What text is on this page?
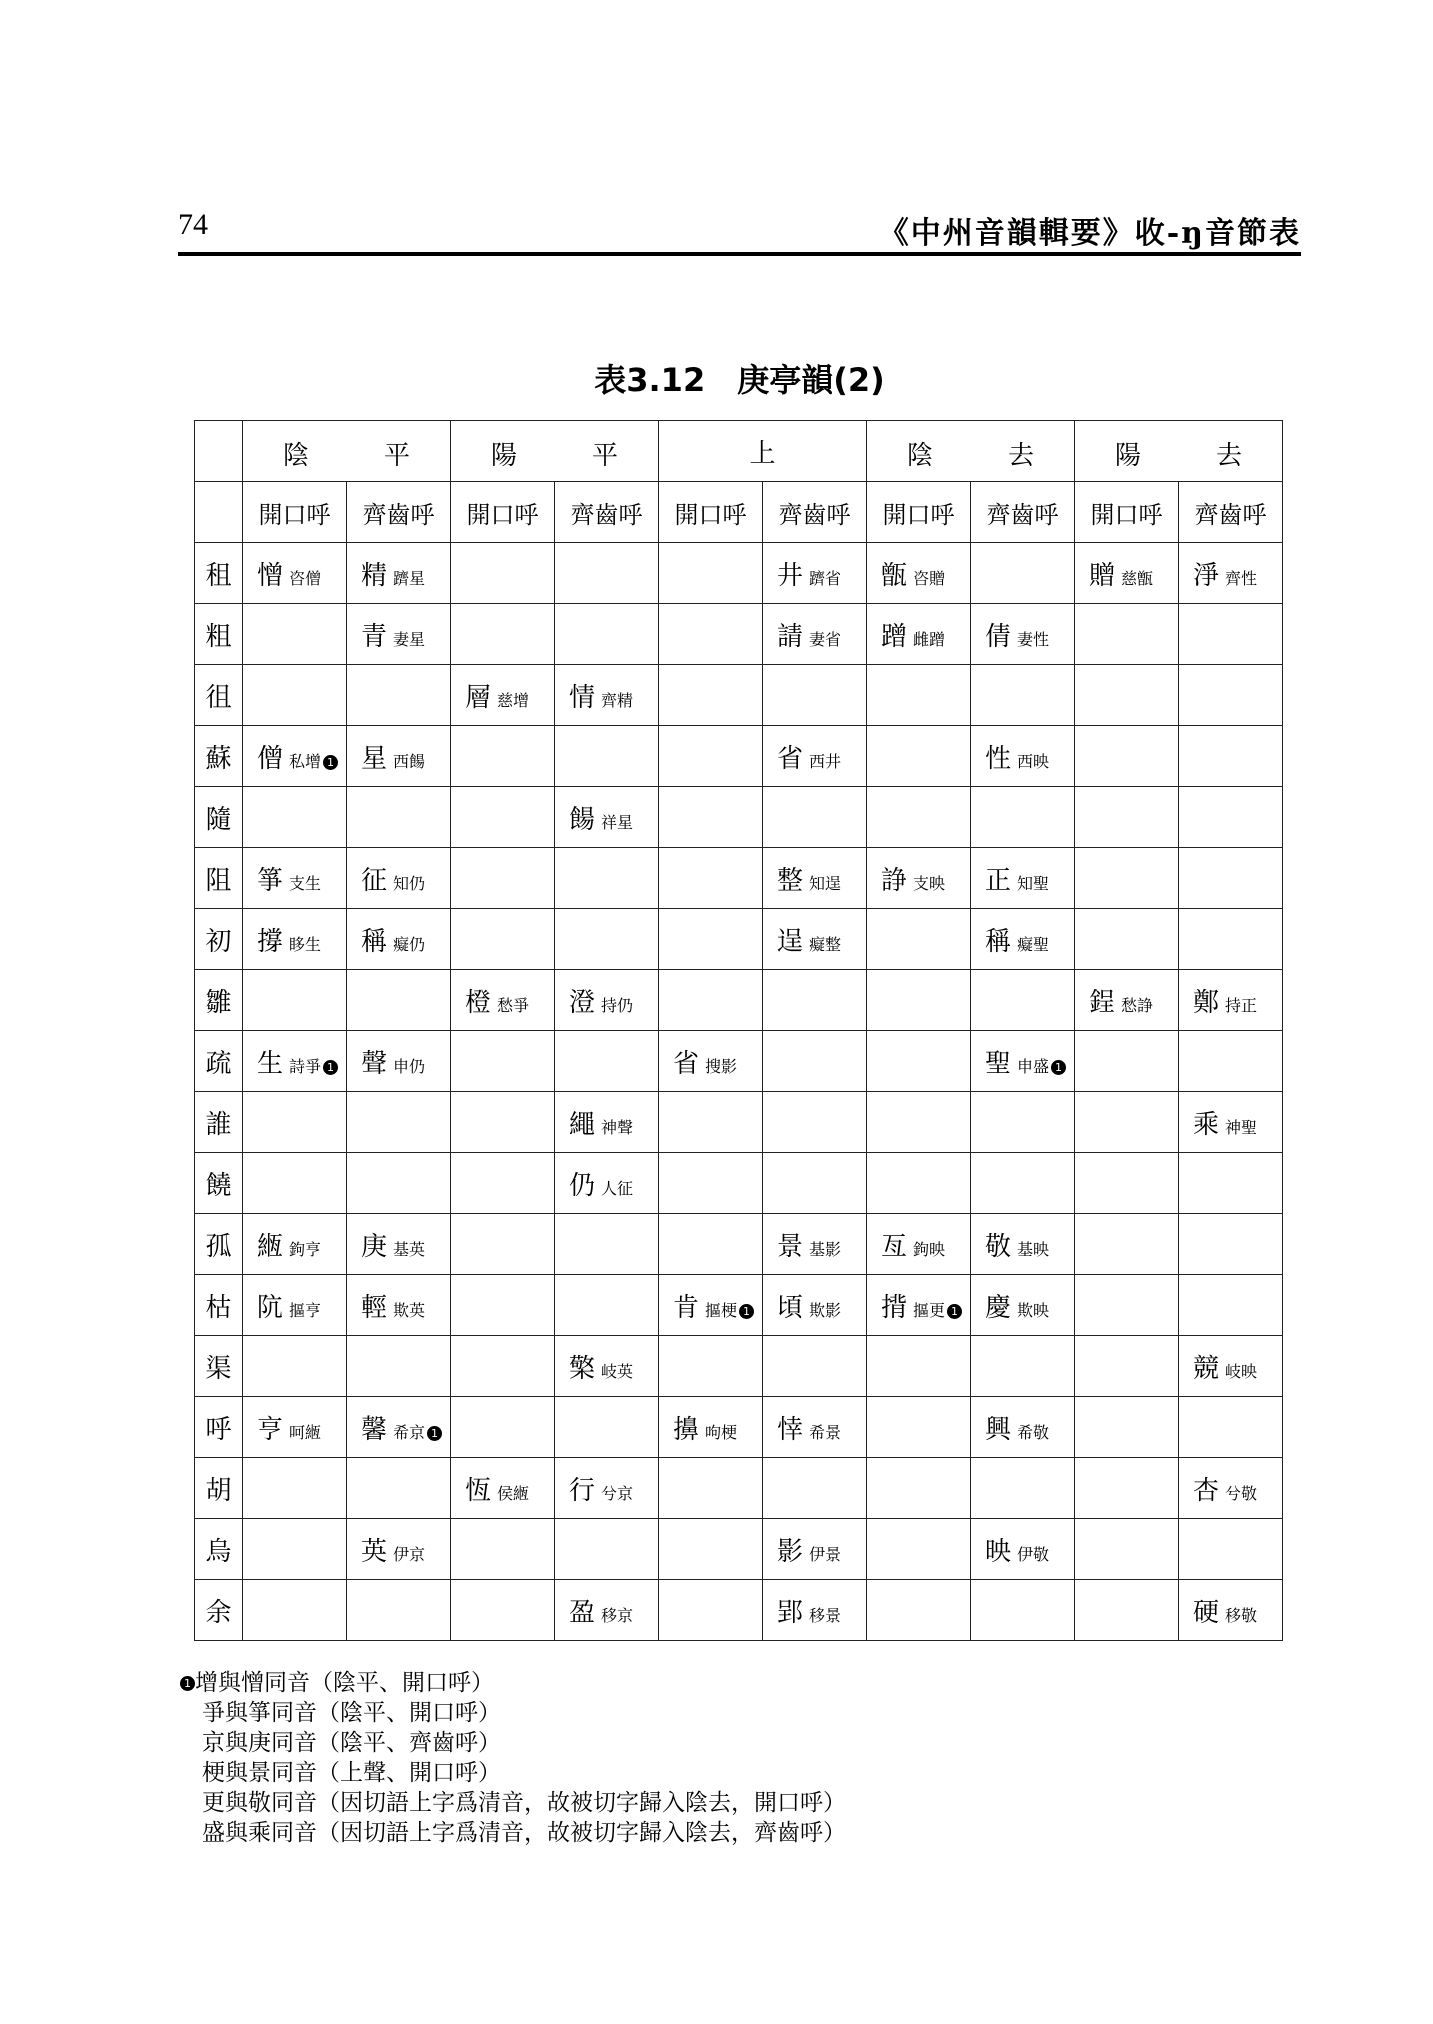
74	《中州音韻輯要》收-ŋ音節表
表3.12　庚亭韻(2)

	陰 平		陽 平		上		陰 去		陽 去	

	開口呼	齊齒呼	開口呼	齊齒呼	開口呼	齊齒呼	開口呼	齊齒呼	開口呼	齊齒呼
租	憎 咨僧	精 躋星				井 躋省	甑 咨贈		贈 慈甑	淨 齊性
粗		青 妻星				請 妻省	蹭 雌蹭	倩 妻性		
徂			層 慈增	情 齊精						
蘇	僧 私增 1	星 西餳				省 西井		性 西映		
隨				餳 祥星						
阻	箏 支生	征 知仍				整 知逞	諍 支映	正 知聖		
初	撐 眵生	稱 癡仍				逞 癡整		稱 癡聖		
雛			橙 愁爭	澄 持仍					鋥 愁諍	鄭 持正
疏	生 詩爭 1	聲 申仍			省 搜影			聖 申盛 1		
誰				繩 神聲						乘 神聖
饒				仍 人征						
孤	緪 鉤亨	庚 基英				景 基影	亙 鉤映	敬 基映		
枯	阬 摳亨	輕 欺英			肯 摳梗 1	頃 欺影	揹 摳更 1	慶 欺映		
渠				檠 岐英						競 岐映
呼	亨 呵緪	馨 希京 1			擤 呴梗	悻 希景		興 希敬		
胡			恆 侯緪	行 兮京						杏 兮敬
烏		英 伊京				影 伊景		映 伊敬		
余				盈 移京		郢 移景				硬 移敬
1 增與憎同音（陰平、開口呼）
爭與箏同音（陰平、開口呼）
京與庚同音（陰平、齊齒呼）
梗與景同音（上聲、開口呼）
更與敬同音（因切語上字爲清音，故被切字歸入陰去，開口呼）
盛與乘同音（因切語上字爲清音，故被切字歸入陰去，齊齒呼）
